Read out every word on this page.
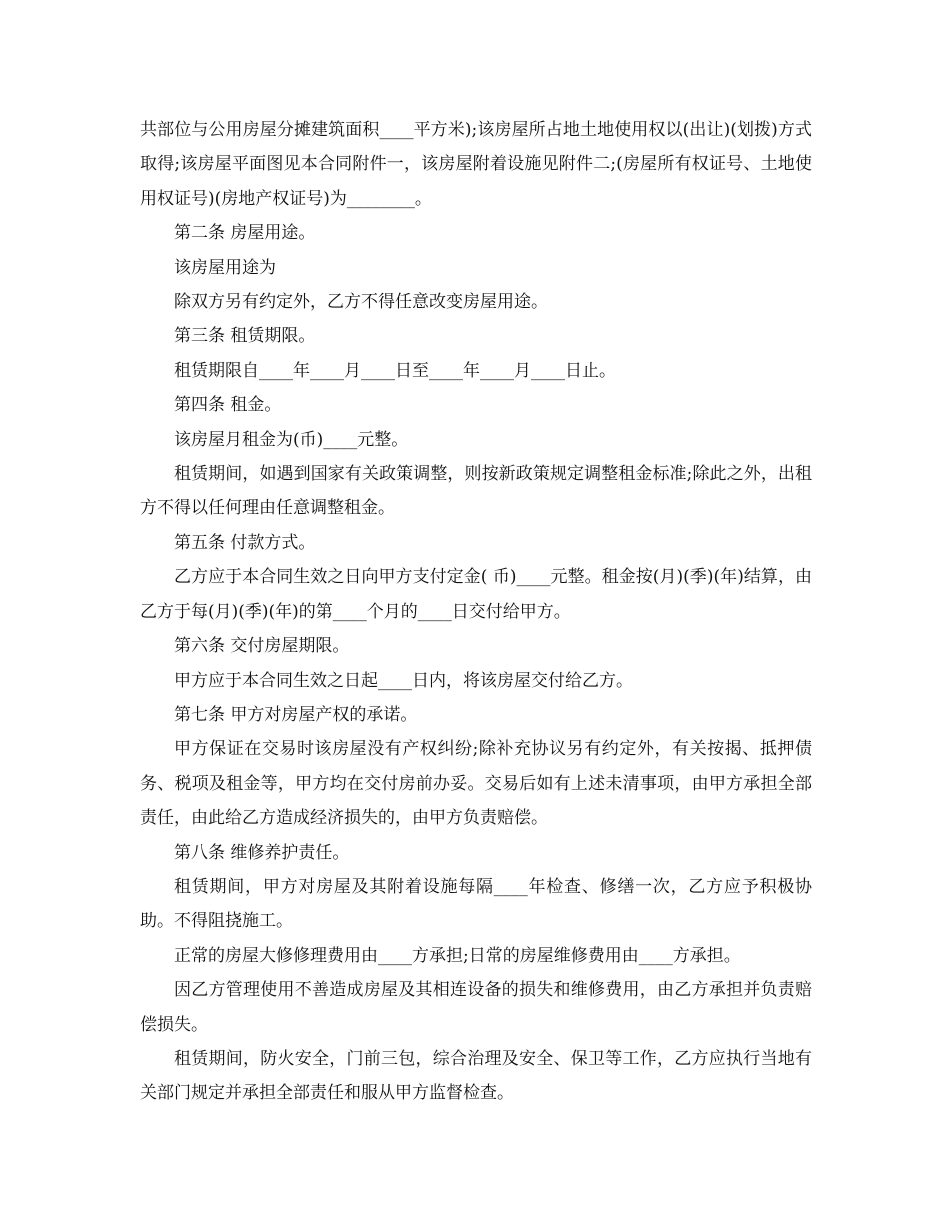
共部位与公用房屋分摊建筑面积____平方米);该房屋所占地土地使用权以(出让)(划拨)方式取得;该房屋平面图见本合同附件一，该房屋附着设施见附件二;(房屋所有权证号、土地使用权证号)(房地产权证号)为________。

第二条 房屋用途。

该房屋用途为

除双方另有约定外，乙方不得任意改变房屋用途。

第三条 租赁期限。

租赁期限自____年____月____日至____年____月____日止。

第四条 租金。

该房屋月租金为(币)____元整。

租赁期间，如遇到国家有关政策调整，则按新政策规定调整租金标准;除此之外，出租方不得以任何理由任意调整租金。

第五条 付款方式。

乙方应于本合同生效之日向甲方支付定金( 币)____元整。租金按(月)(季)(年)结算，由乙方于每(月)(季)(年)的第____个月的____日交付给甲方。

第六条 交付房屋期限。

甲方应于本合同生效之日起____日内，将该房屋交付给乙方。

第七条 甲方对房屋产权的承诺。

甲方保证在交易时该房屋没有产权纠纷;除补充协议另有约定外，有关按揭、抵押债务、税项及租金等，甲方均在交付房前办妥。交易后如有上述未清事项，由甲方承担全部责任，由此给乙方造成经济损失的，由甲方负责赔偿。

第八条 维修养护责任。

租赁期间，甲方对房屋及其附着设施每隔____年检查、修缮一次，乙方应予积极协助。不得阻挠施工。

正常的房屋大修修理费用由____方承担;日常的房屋维修费用由____方承担。

因乙方管理使用不善造成房屋及其相连设备的损失和维修费用，由乙方承担并负责赔偿损失。

租赁期间，防火安全，门前三包，综合治理及安全、保卫等工作，乙方应执行当地有关部门规定并承担全部责任和服从甲方监督检查。
